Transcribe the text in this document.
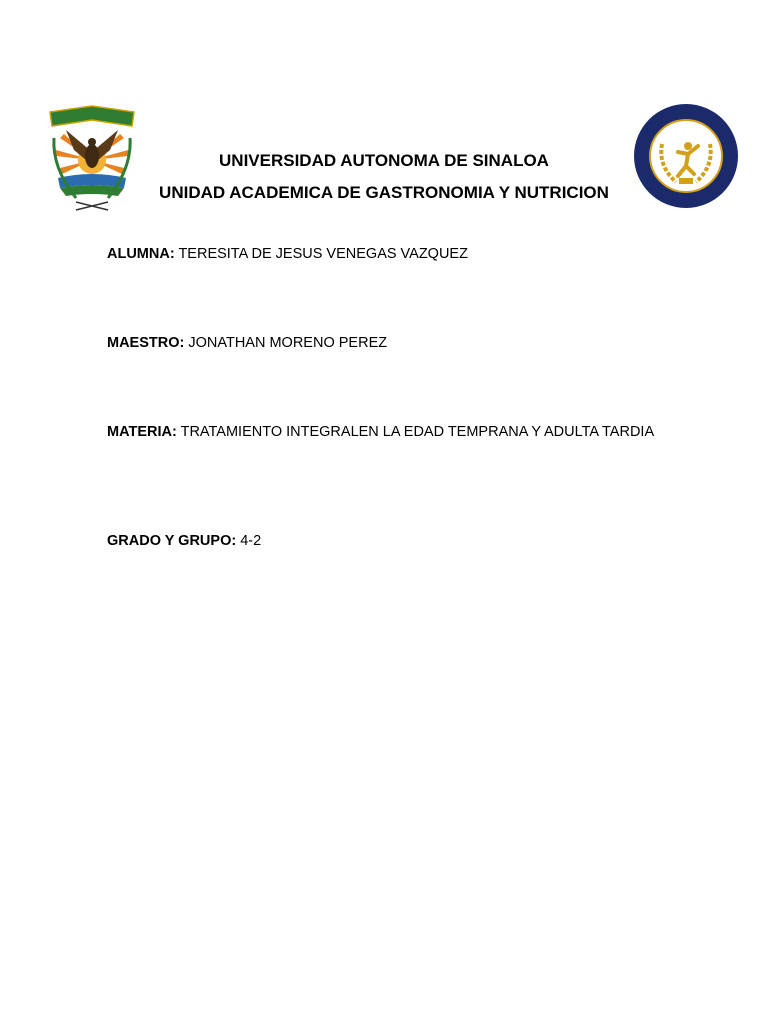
UNIVERSIDAD AUTONOMA DE SINALOA
UNIDAD ACADEMICA DE GASTRONOMIA Y NUTRICION
ALUMNA: TERESITA DE JESUS VENEGAS VAZQUEZ
MAESTRO: JONATHAN MORENO PEREZ
MATERIA: TRATAMIENTO INTEGRALEN LA EDAD TEMPRANA Y ADULTA TARDIA
GRADO Y GRUPO: 4-2
